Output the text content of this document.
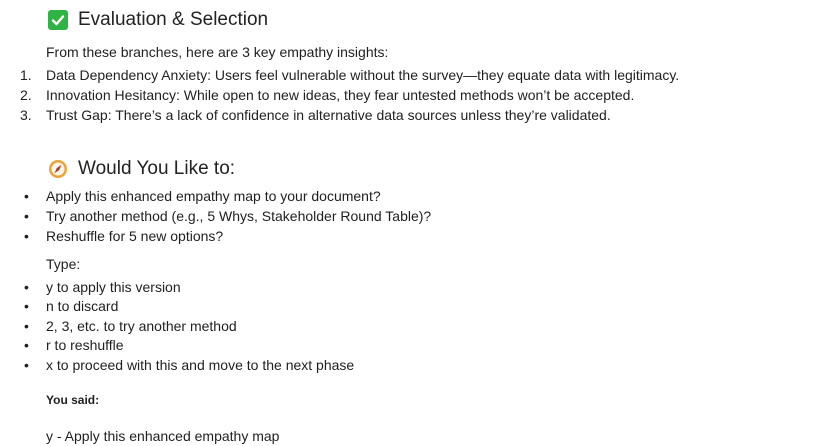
Evaluation & Selection
From these branches, here are 3 key empathy insights:
1.	Data Dependency Anxiety: Users feel vulnerable without the survey—they equate data with legitimacy.
2.	Innovation Hesitancy: While open to new ideas, they fear untested methods won’t be accepted.
3.	Trust Gap: There’s a lack of confidence in alternative data sources unless they’re validated.
Would You Like to:
• Apply this enhanced empathy map to your document?
• Try another method (e.g., 5 Whys, Stakeholder Round Table)?
• Reshuffle for 5 new options?
Type:
• y to apply this version
• n to discard
• 2, 3, etc. to try another method
• r to reshuffle
• x to proceed with this and move to the next phase
You said:
y - Apply this enhanced empathy map
